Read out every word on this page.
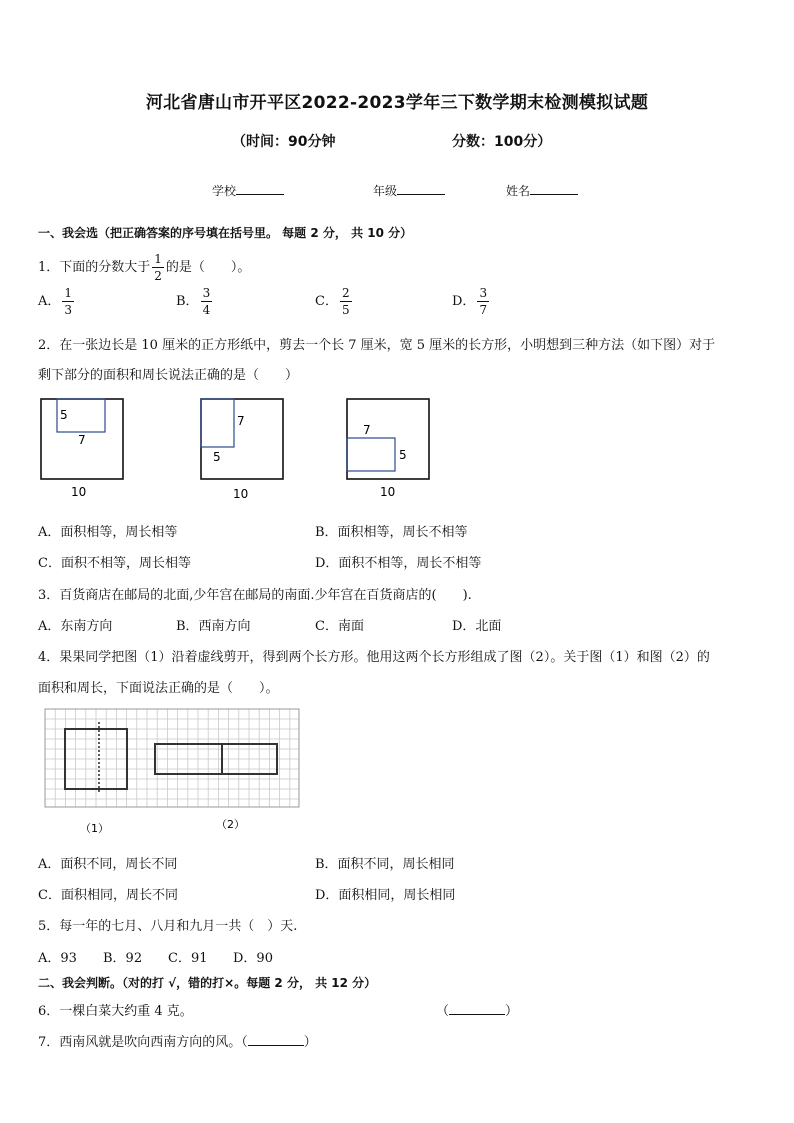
河北省唐山市开平区2022-2023学年三下数学期末检测模拟试题
（时间：90分钟	分数：100分）
学校	年级	姓名
一、我会选（把正确答案的序号填在括号里。 每题 2 分， 共 10 分）
1．下面的分数大于 $\frac{1}{2}$ 的是（　　）。
A． $\frac{1}{3}$	B． $\frac{3}{4}$	C． $\frac{2}{5}$	D． $\frac{3}{7}$
2．在一张边长是 10 厘米的正方形纸中，剪去一个长 7 厘米，宽 5 厘米的长方形，小明想到三种方法（如下图）对于
剩下部分的面积和周长说法正确的是（　　）
5
7
10
7
5
10
7
5
10
A．面积相等，周长相等	B．面积相等，周长不相等
C．面积不相等，周长相等	D．面积不相等，周长不相等
3．百货商店在邮局的北面,少年宫在邮局的南面.少年宫在百货商店的(　　).
A．东南方向	B．西南方向	C．南面	D．北面
4．果果同学把图（1）沿着虚线剪开，得到两个长方形。他用这两个长方形组成了图（2）。关于图（1）和图（2）的
面积和周长，下面说法正确的是（　　）。
（1）	（2）
A．面积不同，周长不同	B．面积不同，周长相同
C．面积相同，周长不同	D．面积相同，周长相同
5．每一年的七月、八月和九月一共（　）天.
A．93 B．92 C．91 D．90
二、我会判断。（对的打 √，错的打×。每题 2 分， 共 12 分）
6．一棵白菜大约重 4 克。	（	）
7．西南风就是吹向西南方向的风。（	）
